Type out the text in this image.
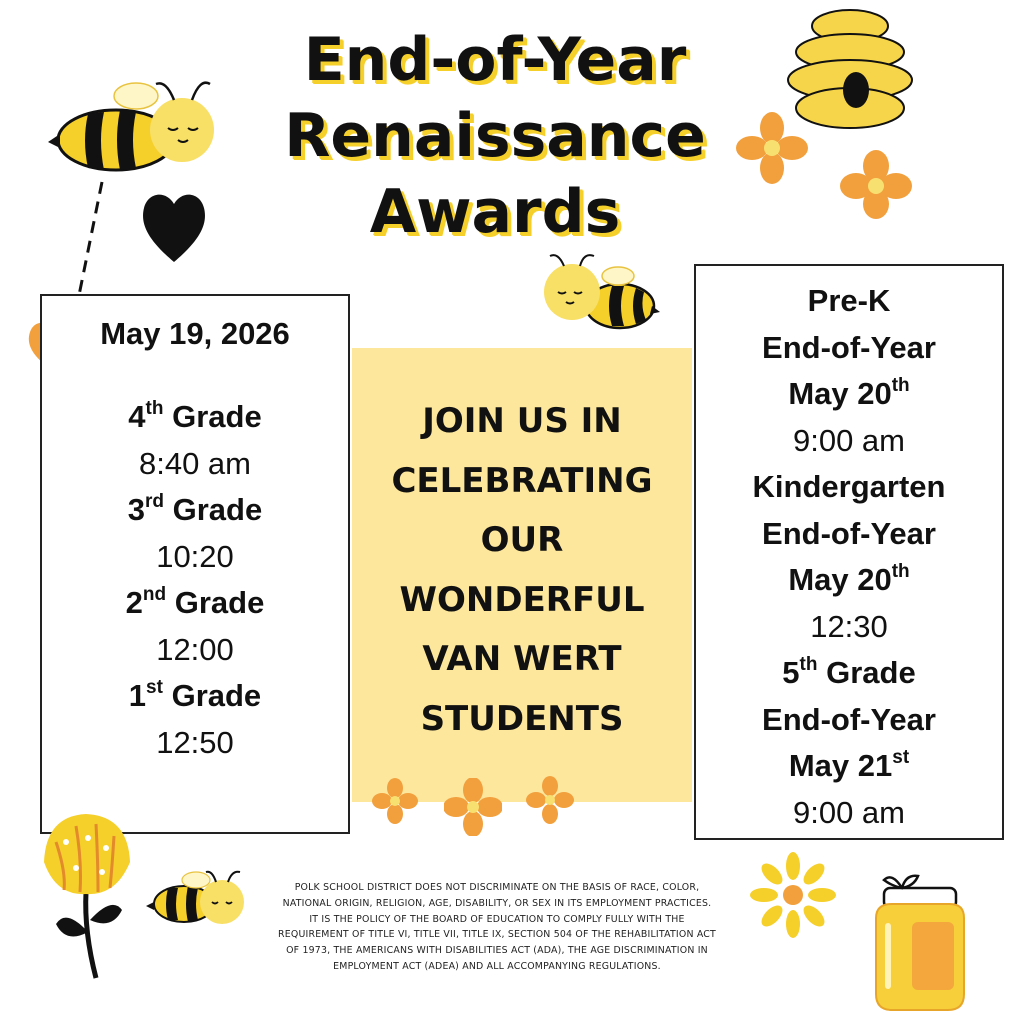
End-of-Year
Renaissance
Awards
May 19, 2026
4th Grade
8:40 am
3rd Grade
10:20
2nd Grade
12:00
1st Grade
12:50
JOIN US IN
CELEBRATING
OUR
WONDERFUL
VAN WERT
STUDENTS
Pre-K
End-of-Year
May 20th
9:00 am
Kindergarten
End-of-Year
May 20th
12:30
5th Grade
End-of-Year
May 21st
9:00 am
POLK SCHOOL DISTRICT DOES NOT DISCRIMINATE ON THE BASIS OF RACE, COLOR, NATIONAL ORIGIN, RELIGION, AGE, DISABILITY, OR SEX IN ITS EMPLOYMENT PRACTICES. IT IS THE POLICY OF THE BOARD OF EDUCATION TO COMPLY FULLY WITH THE REQUIREMENT OF TITLE VI, TITLE VII, TITLE IX, SECTION 504 OF THE REHABILITATION ACT OF 1973, THE AMERICANS WITH DISABILITIES ACT (ADA), THE AGE DISCRIMINATION IN EMPLOYMENT ACT (ADEA) AND ALL ACCOMPANYING REGULATIONS.
